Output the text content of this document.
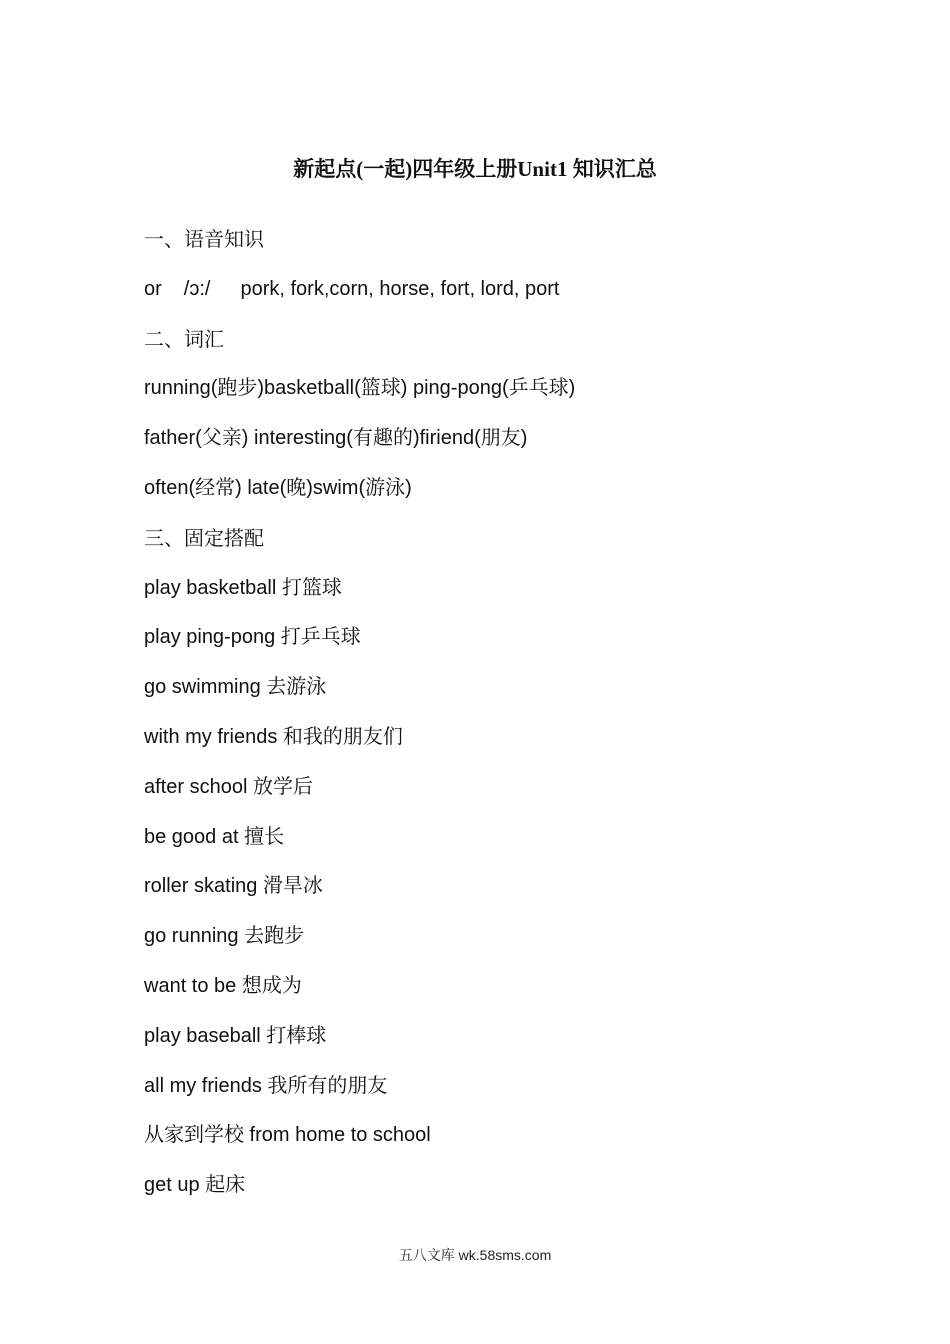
新起点(一起)四年级上册Unit1 知识汇总
一、语音知识
or /ɔ:/ pork, fork,corn, horse, fort, lord, port
二、词汇
running(跑步)basketball(篮球) ping-pong(乒乓球)
father(父亲) interesting(有趣的)firiend(朋友)
often(经常) late(晚)swim(游泳)
三、固定搭配
play basketball 打篮球
play ping-pong 打乒乓球
go swimming 去游泳
with my friends 和我的朋友们
after school 放学后
be good at 擅长
roller skating 滑旱冰
go running 去跑步
want to be 想成为
play baseball 打棒球
all my friends 我所有的朋友
从家到学校 from home to school
get up 起床
五八文库 wk.58sms.com
